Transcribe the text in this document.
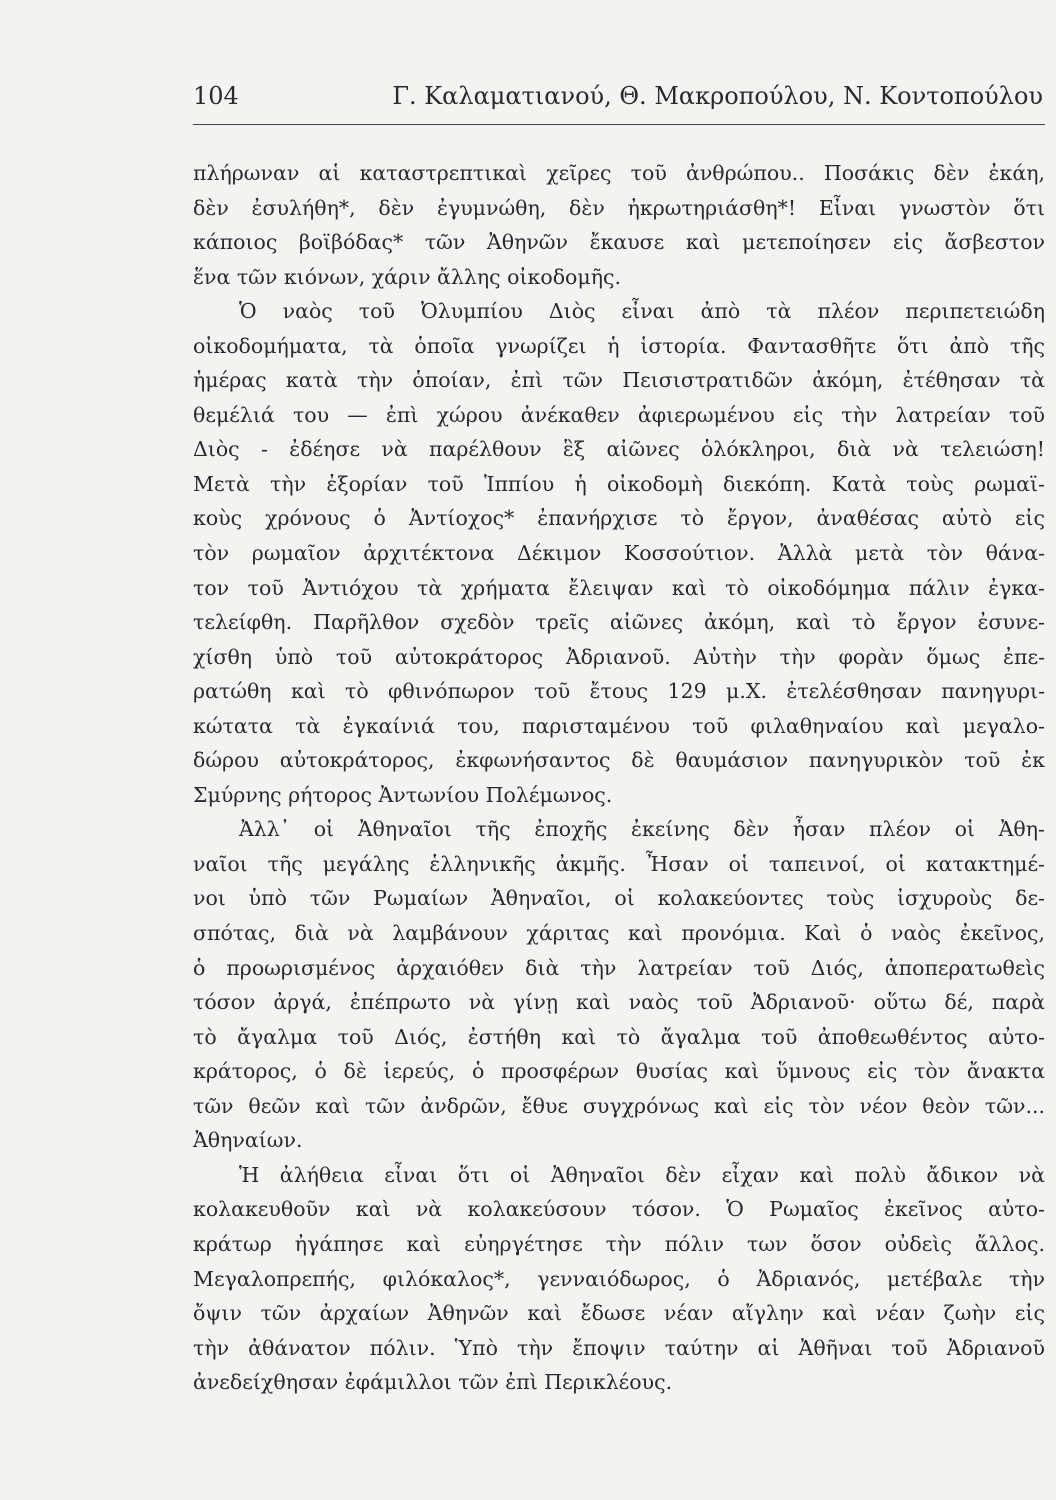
104	Γ. Καλαματιανού, Θ. Μακροπούλου, Ν. Κοντοπούλου
πλήρωναν αἱ καταστρεπτικαὶ χεῖρες τοῦ ἀνθρώπου.. Ποσάκις δὲν ἐκάη,
δὲν ἐσυλήθη*, δὲν ἐγυμνώθη, δὲν ἠκρωτηριάσθη*! Εἶναι γνωστὸν ὅτι
κάποιος βοϊβόδας* τῶν Ἀθηνῶν ἔκαυσε καὶ μετεποίησεν εἰς ἄσβεστον
ἕνα τῶν κιόνων, χάριν ἄλλης οἰκοδομῆς.
Ὁ ναὸς τοῦ Ὀλυμπίου Διὸς εἶναι ἀπὸ τὰ πλέον περιπετειώδη
οἰκοδομήματα, τὰ ὁποῖα γνωρίζει ἡ ἱστορία. Φαντασθῆτε ὅτι ἀπὸ τῆς
ἡμέρας κατὰ τὴν ὁποίαν, ἐπὶ τῶν Πεισιστρατιδῶν ἀκόμη, ἐτέθησαν τὰ
θεμέλιά του — ἐπὶ χώρου ἀνέκαθεν ἀφιερωμένου εἰς τὴν λατρείαν τοῦ
Διὸς - ἐδέησε νὰ παρέλθουν ἓξ αἰῶνες ὁλόκληροι, διὰ νὰ τελειώση!
Μετὰ τὴν ἐξορίαν τοῦ Ἱππίου ἡ οἰκοδομὴ διεκόπη. Κατὰ τοὺς ρωμαϊ-
κοὺς χρόνους ὁ Ἀντίοχος* ἐπανήρχισε τὸ ἔργον, ἀναθέσας αὐτὸ εἰς
τὸν ρωμαῖον ἀρχιτέκτονα Δέκιμον Κοσσούτιον. Ἀλλὰ μετὰ τὸν θάνα-
τον τοῦ Ἀντιόχου τὰ χρήματα ἔλειψαν καὶ τὸ οἰκοδόμημα πάλιν ἐγκα-
τελείφθη. Παρῆλθον σχεδὸν τρεῖς αἰῶνες ἀκόμη, καὶ τὸ ἔργον ἐσυνε-
χίσθη ὑπὸ τοῦ αὐτοκράτορος Ἀδριανοῦ. Αὐτὴν τὴν φορὰν ὅμως ἐπε-
ρατώθη καὶ τὸ φθινόπωρον τοῦ ἔτους 129 μ.Χ. ἐτελέσθησαν πανηγυρι-
κώτατα τὰ ἐγκαίνιά του, παρισταμένου τοῦ φιλαθηναίου καὶ μεγαλο-
δώρου αὐτοκράτορος, ἐκφωνήσαντος δὲ θαυμάσιον πανηγυρικὸν τοῦ ἐκ
Σμύρνης ρήτορος Ἀντωνίου Πολέμωνος.
Ἀλλ᾽ οἱ Ἀθηναῖοι τῆς ἐποχῆς ἐκείνης δὲν ἦσαν πλέον οἱ Ἀθη-
ναῖοι τῆς μεγάλης ἑλληνικῆς ἀκμῆς. Ἦσαν οἱ ταπεινοί, οἱ κατακτημέ-
νοι ὑπὸ τῶν Ρωμαίων Ἀθηναῖοι, οἱ κολακεύοντες τοὺς ἰσχυροὺς δε-
σπότας, διὰ νὰ λαμβάνουν χάριτας καὶ προνόμια. Καὶ ὁ ναὸς ἐκεῖνος,
ὁ προωρισμένος ἀρχαιόθεν διὰ τὴν λατρείαν τοῦ Διός, ἀποπερατωθεὶς
τόσον ἀργά, ἐπέπρωτο νὰ γίνῃ καὶ ναὸς τοῦ Ἀδριανοῦ· οὕτω δέ, παρὰ
τὸ ἄγαλμα τοῦ Διός, ἐστήθη καὶ τὸ ἄγαλμα τοῦ ἀποθεωθέντος αὐτο-
κράτορος, ὁ δὲ ἱερεύς, ὁ προσφέρων θυσίας καὶ ὕμνους εἰς τὸν ἄνακτα
τῶν θεῶν καὶ τῶν ἀνδρῶν, ἔθυε συγχρόνως καὶ εἰς τὸν νέον θεὸν τῶν...
Ἀθηναίων.
Ἡ ἀλήθεια εἶναι ὅτι οἱ Ἀθηναῖοι δὲν εἶχαν καὶ πολὺ ἄδικον νὰ
κολακευθοῦν καὶ νὰ κολακεύσουν τόσον. Ὁ Ρωμαῖος ἐκεῖνος αὐτο-
κράτωρ ἠγάπησε καὶ εὐηργέτησε τὴν πόλιν των ὅσον οὐδεὶς ἄλλος.
Μεγαλοπρεπής, φιλόκαλος*, γενναιόδωρος, ὁ Ἀδριανός, μετέβαλε τὴν
ὄψιν τῶν ἀρχαίων Ἀθηνῶν καὶ ἔδωσε νέαν αἴγλην καὶ νέαν ζωὴν εἰς
τὴν ἀθάνατον πόλιν. Ὑπὸ τὴν ἔποψιν ταύτην αἱ Ἀθῆναι τοῦ Ἀδριανοῦ
ἀνεδείχθησαν ἐφάμιλλοι τῶν ἐπὶ Περικλέους.
